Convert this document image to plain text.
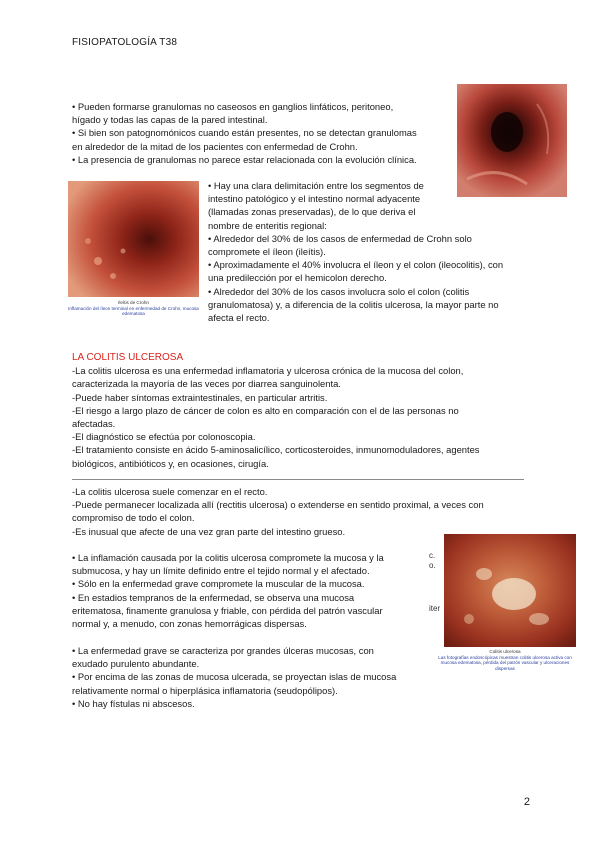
FISIOPATOLOGÍA T38

• Pueden formarse granulomas no caseosos en ganglios linfáticos, peritoneo,

hígado y todas las capas de la pared intestinal.

• Si bien son patognomónicos cuando están presentes, no se detectan granulomas

en alrededor de la mitad de los pacientes con enfermedad de Crohn.

• La presencia de granulomas no parece estar relacionada con la evolución clínica.

Ileítis de Crohn
Inflamación del íleon terminal en enfermedad de Crohn, mucosa edematosa

• Hay una clara delimitación entre los segmentos de

intestino patológico y el intestino normal adyacente

(llamadas zonas preservadas), de lo que deriva el

nombre de enteritis regional:

• Alrededor del 30% de los casos de enfermedad de Crohn solo

compromete el íleon (ileítis).

• Aproximadamente el 40% involucra el íleon y el colon (ileocolitis), con

una predilección por el hemicolon derecho.

• Alrededor del 30% de los casos involucra solo el colon (colitis

granulomatosa) y, a diferencia de la colitis ulcerosa, la mayor parte no

afecta el recto.

LA COLITIS ULCEROSA

-La colitis ulcerosa es una enfermedad inflamatoria y ulcerosa crónica de la mucosa del colon,

caracterizada la mayoría de las veces por diarrea sanguinolenta.

-Puede haber síntomas extraintestinales, en particular artritis.

-El riesgo a largo plazo de cáncer de colon es alto en comparación con el de las personas no

afectadas.

-El diagnóstico se efectúa por colonoscopia.

-El tratamiento consiste en ácido 5-aminosalicílico, corticosteroides, inmunomoduladores, agentes

biológicos, antibióticos y, en ocasiones, cirugía.

-La colitis ulcerosa suele comenzar en el recto.

-Puede permanecer localizada allí (rectitis ulcerosa) o extenderse en sentido proximal, a veces con

compromiso de todo el colon.

-Es inusual que afecte de una vez gran parte del intestino grueso.

c.
o.
iter
Colitis ulcerosa
Las fotografías endoscópicas muestran colitis ulcerosa activa con mucosa edematosa, pérdida del patrón vascular y ulceraciones dispersas

• La inflamación causada por la colitis ulcerosa compromete la mucosa y la

submucosa, y hay un límite definido entre el tejido normal y el afectado.

• Sólo en la enfermedad grave compromete la muscular de la mucosa.

• En estadios tempranos de la enfermedad, se observa una mucosa

eritematosa, finamente granulosa y friable, con pérdida del patrón vascular

normal y, a menudo, con zonas hemorrágicas dispersas.

• La enfermedad grave se caracteriza por grandes úlceras mucosas, con

exudado purulento abundante.

• Por encima de las zonas de mucosa ulcerada, se proyectan islas de mucosa

relativamente normal o hiperplásica inflamatoria (seudopólipos).

• No hay fístulas ni abscesos.

2
